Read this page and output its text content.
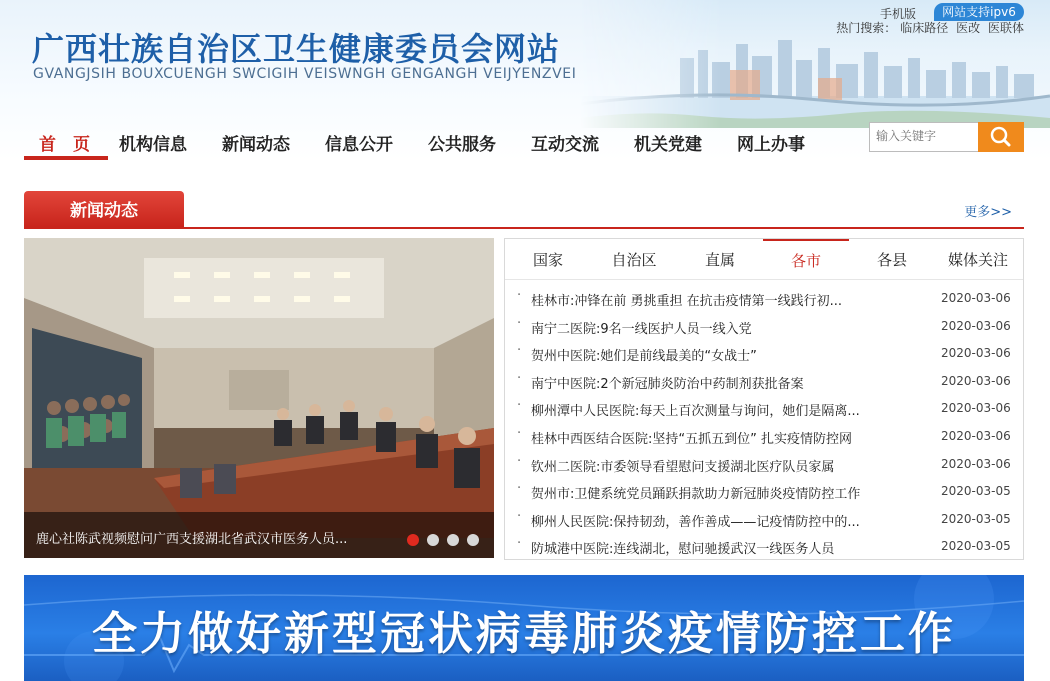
广西壮族自治区卫生健康委员会网站
GVANGJSIH BOUXCUENGH SWCIGIH VEISWNGH GENGANGH VEIJYENZVEI
手机版	网站支持ipv6
热门搜索： 临床路径 医改 医联体
首　页 机构信息 新闻动态 信息公开 公共服务 互动交流 机关党建 网上办事
输入关键字
新闻动态	更多>>
鹿心社陈武视频慰问广西支援湖北省武汉市医务人员...
国家	自治区	直属	各市	各县	媒体关注
· 桂林市:冲锋在前 勇挑重担 在抗击疫情第一线践行初...	2020-03-06
· 南宁二医院:9名一线医护人员一线入党	2020-03-06
· 贺州中医院:她们是前线最美的“女战士”	2020-03-06
· 南宁中医院:2个新冠肺炎防治中药制剂获批备案	2020-03-06
· 柳州潭中人民医院:每天上百次测量与询问，她们是隔离...	2020-03-06
· 桂林中西医结合医院:坚持“五抓五到位” 扎实疫情防控网	2020-03-06
· 钦州二医院:市委领导看望慰问支援湖北医疗队员家属	2020-03-06
· 贺州市:卫健系统党员踊跃捐款助力新冠肺炎疫情防控工作	2020-03-05
· 柳州人民医院:保持韧劲，善作善成——记疫情防控中的...	2020-03-05
· 防城港中医院:连线湖北，慰问驰援武汉一线医务人员	2020-03-05
全力做好新型冠状病毒肺炎疫情防控工作
